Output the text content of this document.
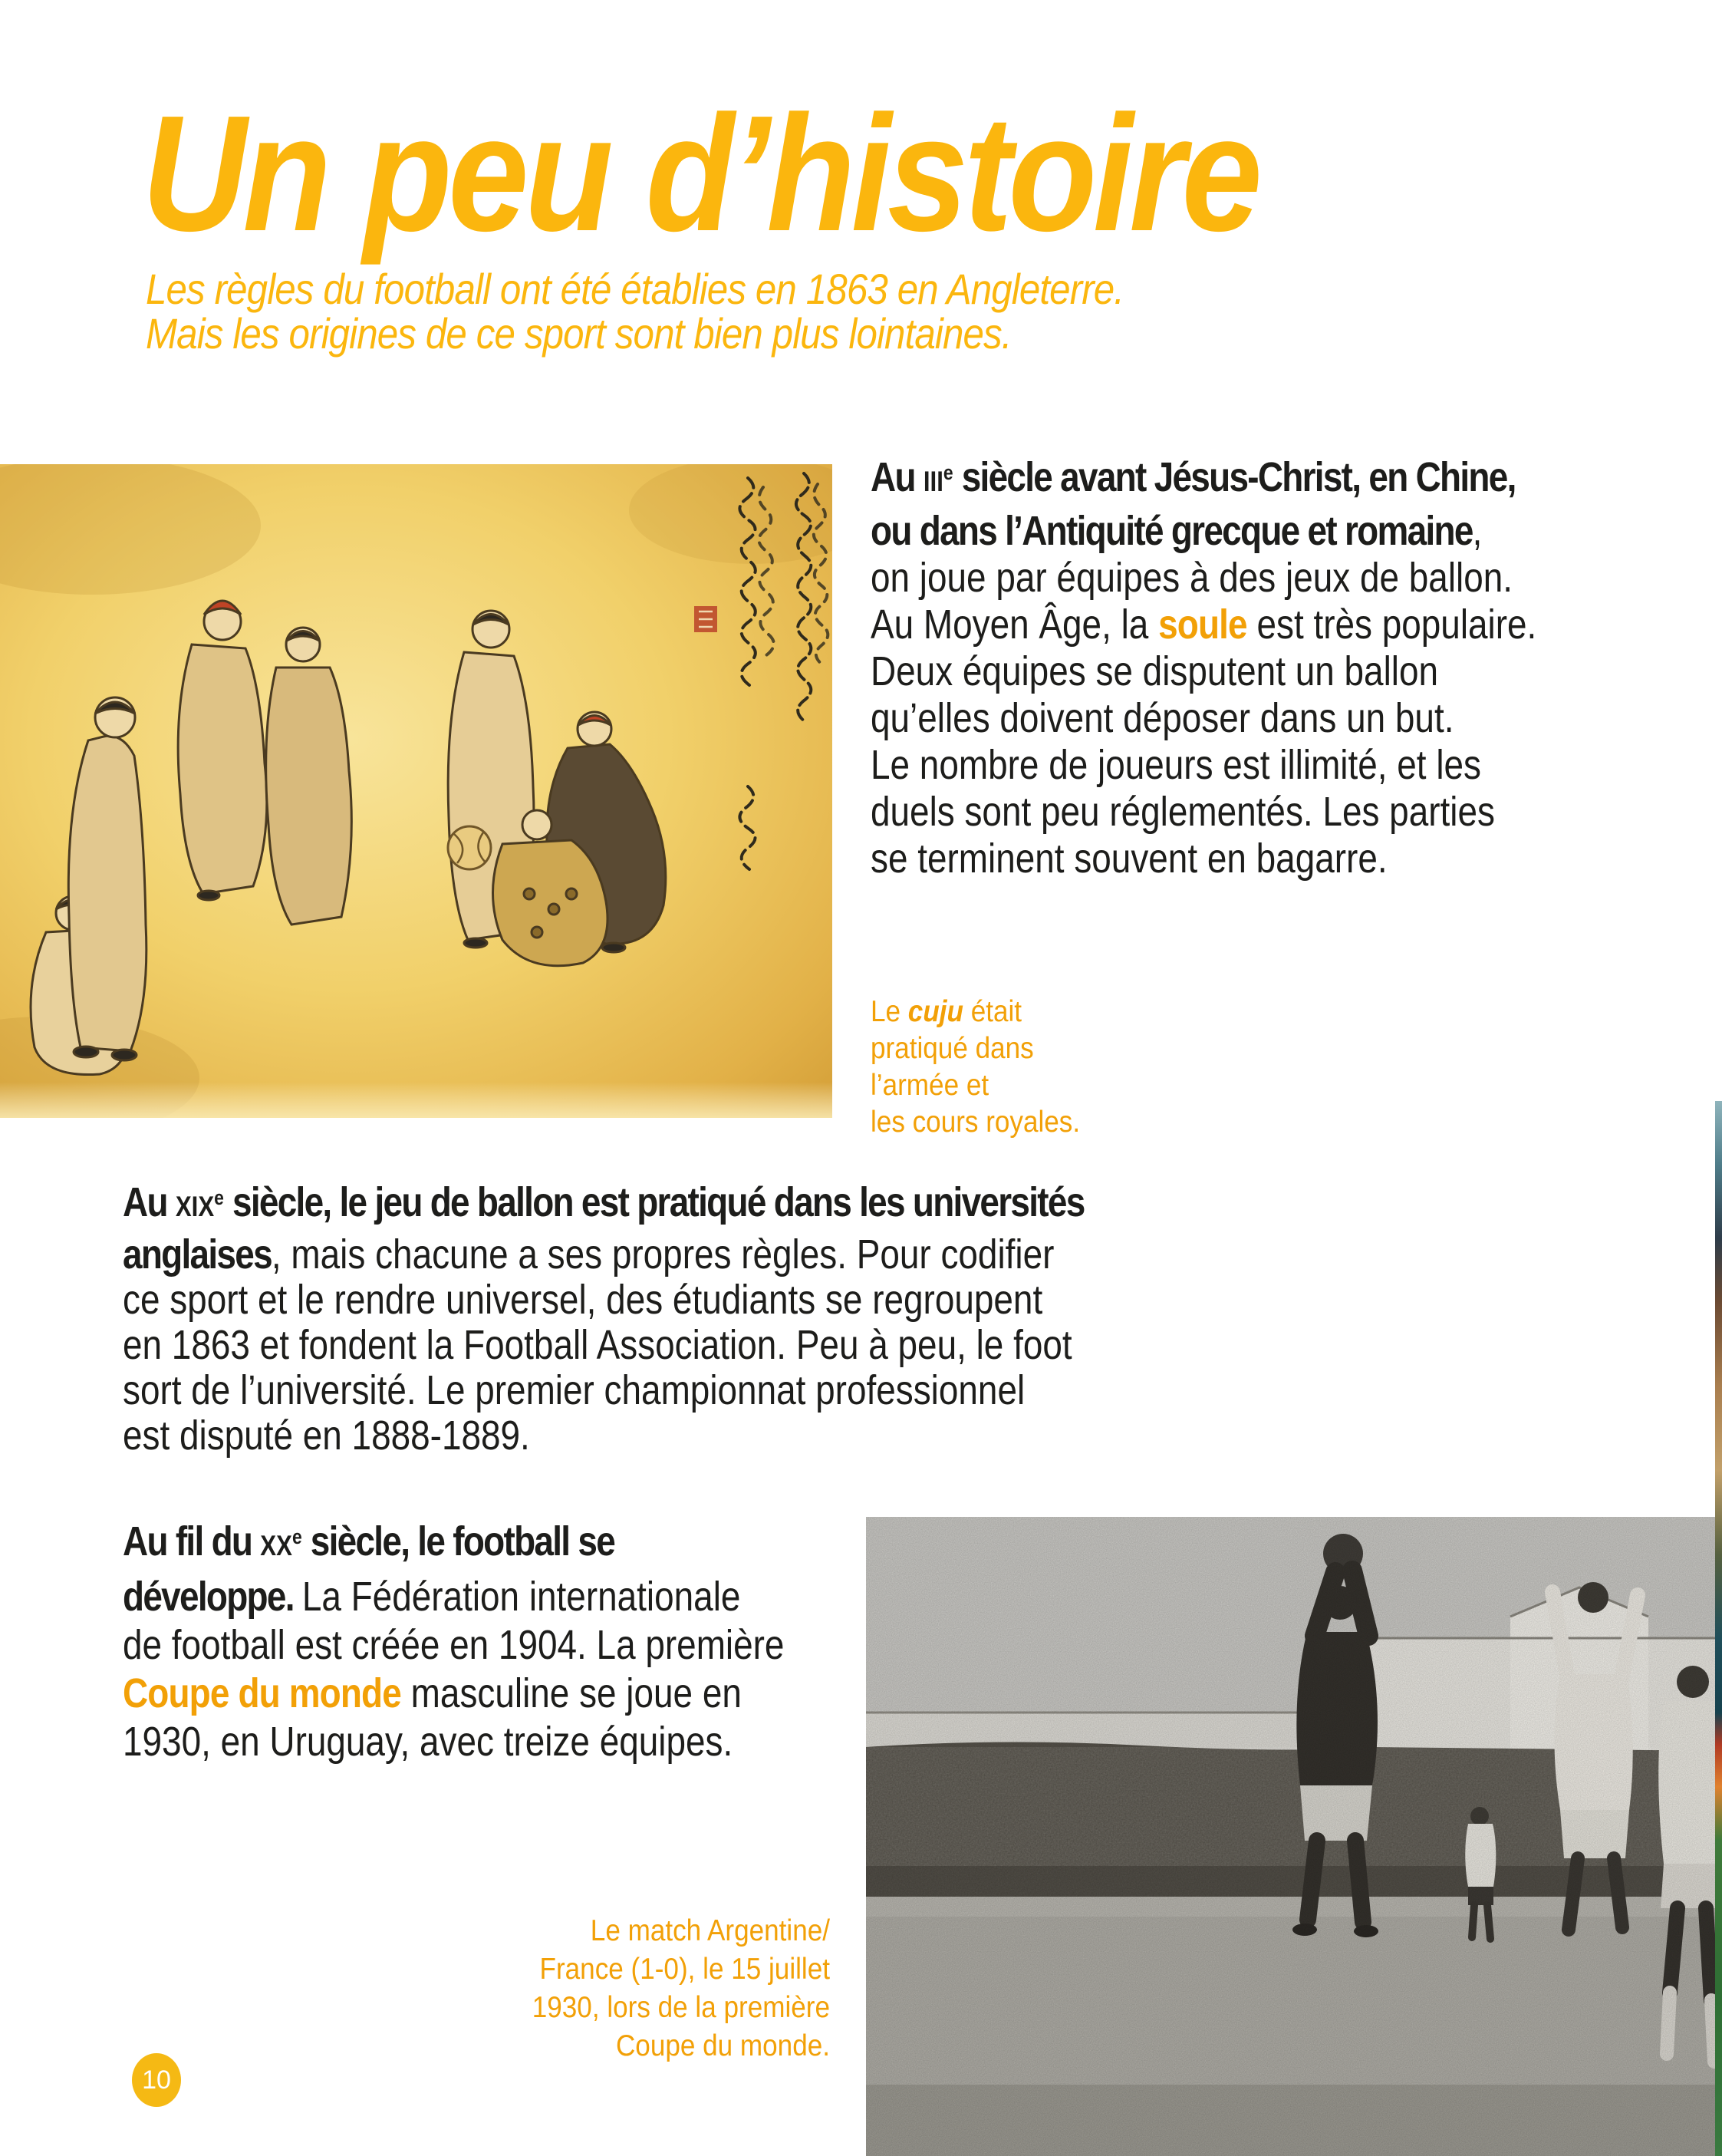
Un peu d’histoire
Les règles du football ont été établies en 1863 en Angleterre.
Mais les origines de ce sport sont bien plus lointaines.
Au IIIe siècle avant Jésus-Christ, en Chine,
ou dans l’Antiquité grecque et romaine,
on joue par équipes à des jeux de ballon.
Au Moyen Âge, la soule est très populaire.
Deux équipes se disputent un ballon
qu’elles doivent déposer dans un but.
Le nombre de joueurs est illimité, et les
duels sont peu réglementés. Les parties
se terminent souvent en bagarre.
Le cuju était
pratiqué dans
l’armée et
les cours royales.
Au XIXe siècle, le jeu de ballon est pratiqué dans les universités
anglaises, mais chacune a ses propres règles. Pour codifier
ce sport et le rendre universel, des étudiants se regroupent
en 1863 et fondent la Football Association. Peu à peu, le foot
sort de l’université. Le premier championnat professionnel
est disputé en 1888-1889.
Au fil du XXe siècle, le football se
développe. La Fédération internationale
de football est créée en 1904. La première
Coupe du monde masculine se joue en
1930, en Uruguay, avec treize équipes.
Le match Argentine/
France (1-0), le 15 juillet
1930, lors de la première
Coupe du monde.
10
